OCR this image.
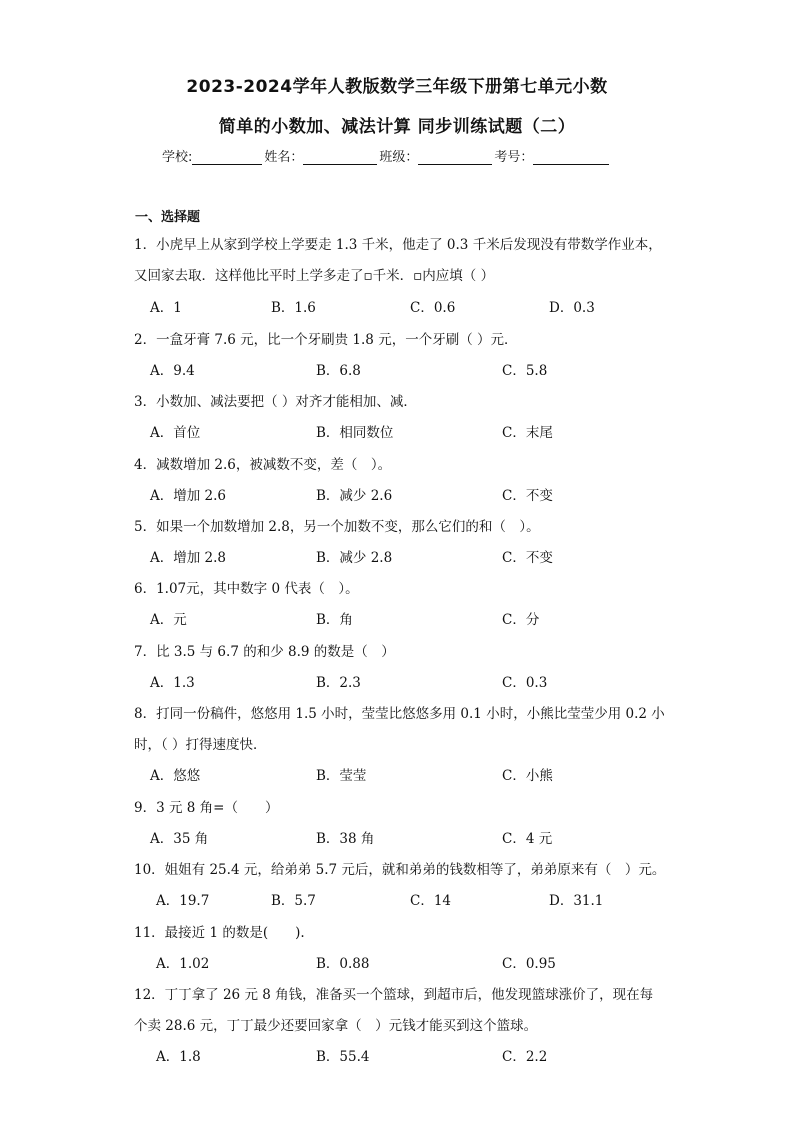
2023-2024学年人教版数学三年级下册第七单元小数
简单的小数加、减法计算 同步训练试题（二）
学校:	姓名：	班级：	考号：
一、选择题
1．小虎早上从家到学校上学要走 1.3 千米，他走了 0.3 千米后发现没有带数学作业本，
又回家去取．这样他比平时上学多走了▫千米．▫内应填（ ）
A．1	B．1.6	C．0.6	D．0.3
2．一盒牙膏 7.6 元，比一个牙刷贵 1.8 元，一个牙刷（ ）元．
A．9.4	B．6.8	C．5.8
3．小数加、减法要把（ ）对齐才能相加、减．
A．首位	B．相同数位	C．末尾
4．减数增加 2.6，被减数不变，差（　）。
A．增加 2.6	B．减少 2.6	C．不变
5．如果一个加数增加 2.8，另一个加数不变，那么它们的和（　）。
A．增加 2.8	B．减少 2.8	C．不变
6．1.07元，其中数字 0 代表（　）。
A．元	B．角	C．分
7．比 3.5 与 6.7 的和少 8.9 的数是（　）
A．1.3	B．2.3	C．0.3
8．打同一份稿件，悠悠用 1.5 小时，莹莹比悠悠多用 0.1 小时，小熊比莹莹少用 0.2 小
时，（ ）打得速度快．
A．悠悠	B．莹莹	C．小熊
9．3 元 8 角=（　　）
A．35 角	B．38 角	C．4 元
10．姐姐有 25.4 元，给弟弟 5.7 元后，就和弟弟的钱数相等了，弟弟原来有（　）元。
A．19.7	B．5.7	C．14	D．31.1
11．最接近 1 的数是(　　).
A．1.02	B．0.88	C．0.95
12．丁丁拿了 26 元 8 角钱，准备买一个篮球，到超市后，他发现篮球涨价了，现在每
个卖 28.6 元，丁丁最少还要回家拿（　）元钱才能买到这个篮球。
A．1.8	B．55.4	C．2.2
